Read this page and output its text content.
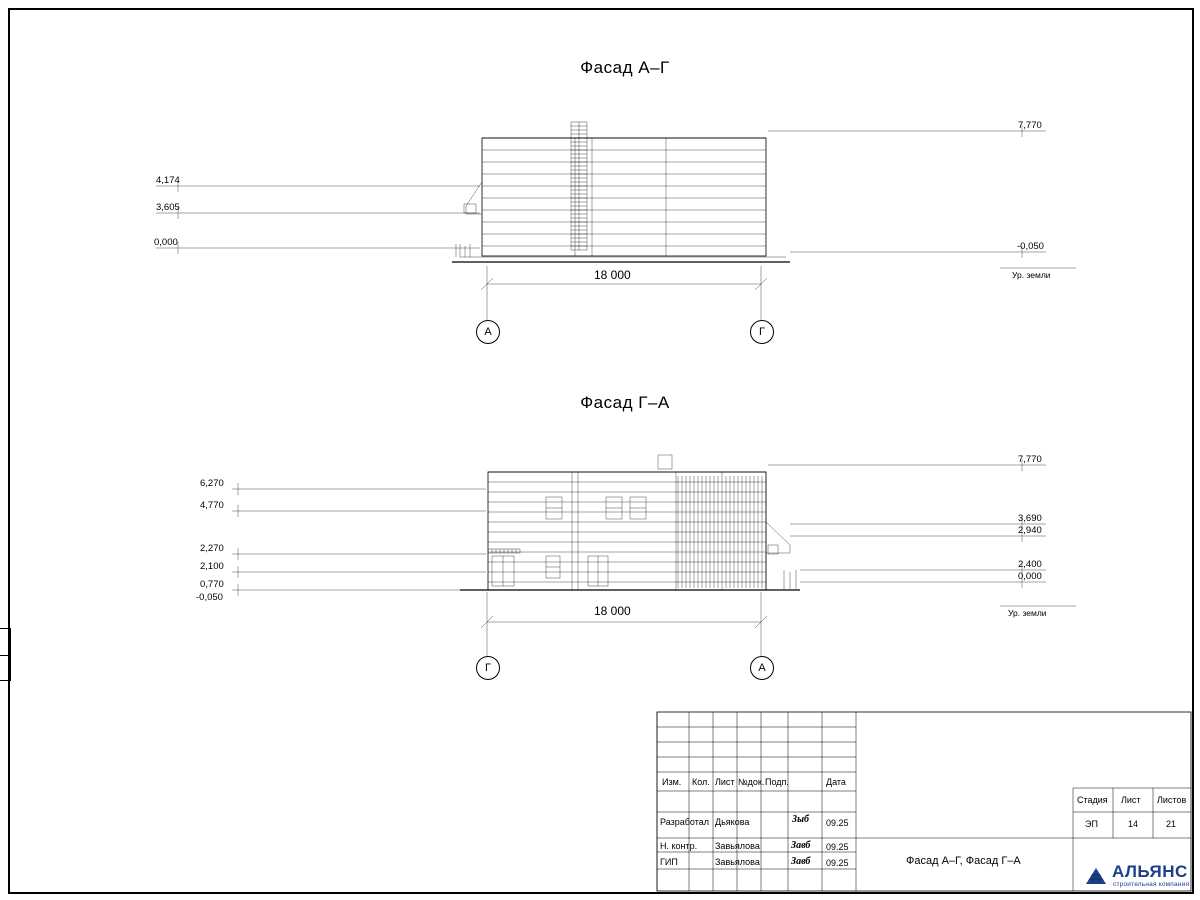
Фасад А–Г
4,174
3,605
0,000
7,770
-0,050
Ур. земли
18 000
А	Г
Фасад Г–А
6,270
4,770
2,270
2,100
0,770
-0,050
7,770
3,690
2,940
2,400
0,000
Ур. земли
18 000
Г	А
Изм. Кол. Лист №док. Подп.	Дата
Разработал Дьякова	Зыб 09.25
Н. контр. Завьялова	Завб 09.25
ГИП	Завьялова	Завб 09.25	Фасад А–Г, Фасад Г–А
Стадия Лист Листов
ЭП	14	21
АЛЬЯНС
строительная компания
